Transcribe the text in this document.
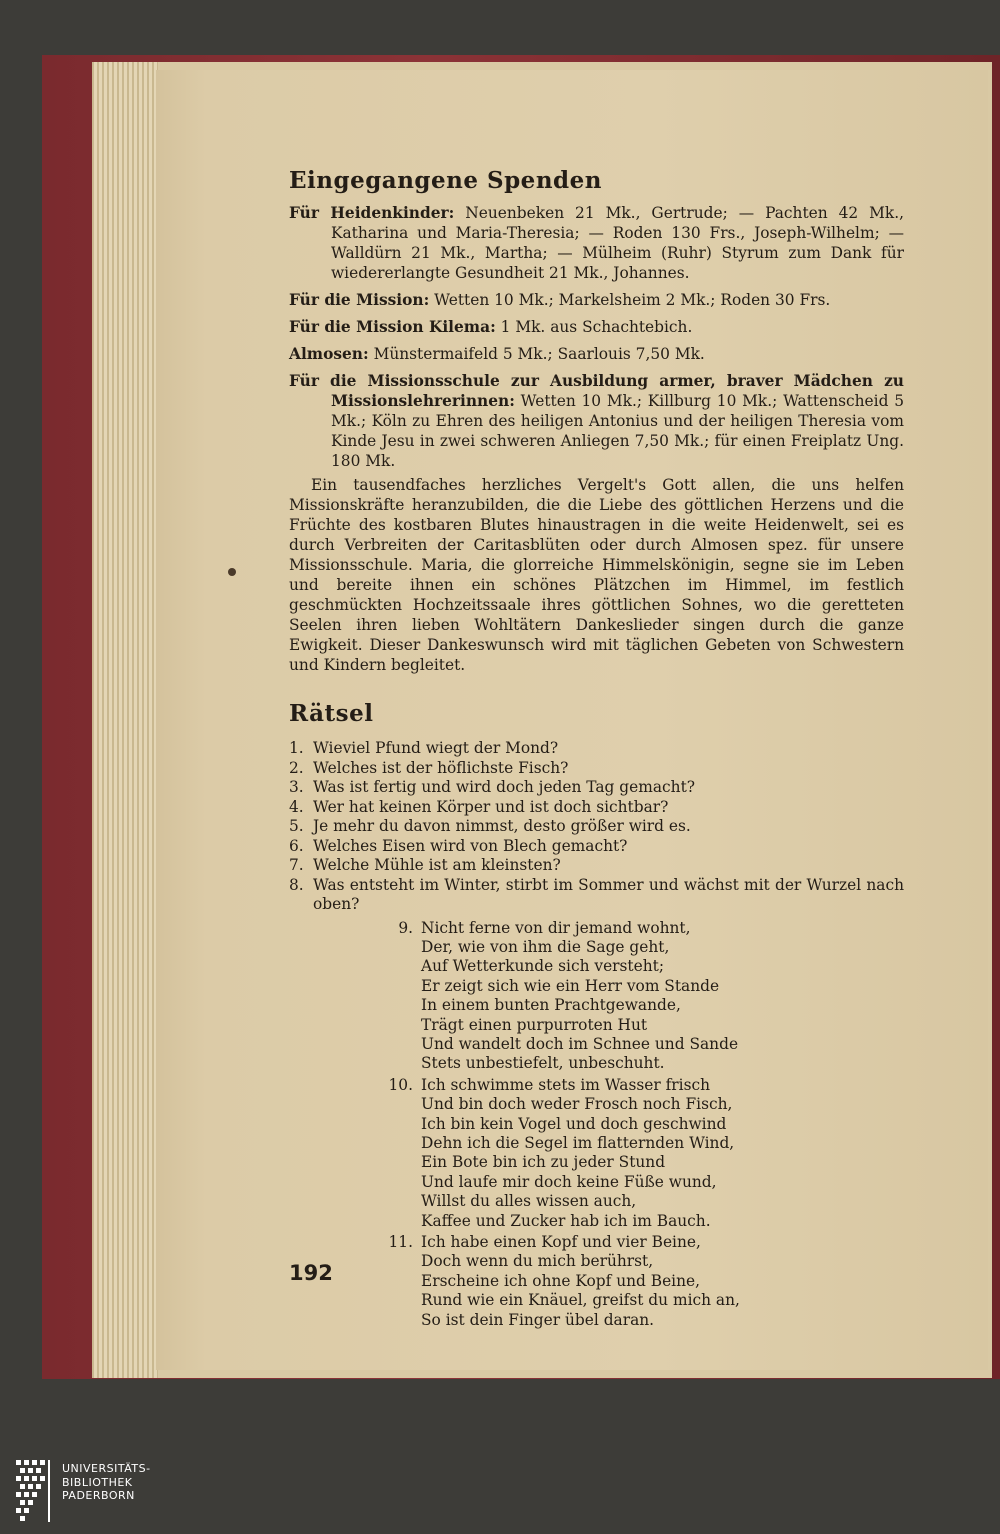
Eingegangene Spenden

Für Heidenkinder: Neuenbeken 21 Mk., Gertrude; — Pachten 42 Mk., Katharina und Maria-Theresia; — Roden 130 Frs., Joseph-Wilhelm; — Walldürn 21 Mk., Martha; — Mülheim (Ruhr) Styrum zum Dank für wiedererlangte Gesundheit 21 Mk., Johannes.

Für die Mission: Wetten 10 Mk.; Markelsheim 2 Mk.; Roden 30 Frs.

Für die Mission Kilema: 1 Mk. aus Schachtebich.

Almosen: Münstermaifeld 5 Mk.; Saarlouis 7,50 Mk.

Für die Missionsschule zur Ausbildung armer, braver Mädchen zu Missionslehrerinnen: Wetten 10 Mk.; Killburg 10 Mk.; Wattenscheid 5 Mk.; Köln zu Ehren des heiligen Antonius und der heiligen Theresia vom Kinde Jesu in zwei schweren Anliegen 7,50 Mk.; für einen Freiplatz Ung. 180 Mk.

Ein tausendfaches herzliches Vergelt's Gott allen, die uns helfen Missionskräfte heranzubilden, die die Liebe des göttlichen Herzens und die Früchte des kostbaren Blutes hinaustragen in die weite Heidenwelt, sei es durch Verbreiten der Caritasblüten oder durch Almosen spez. für unsere Missionsschule. Maria, die glorreiche Himmelskönigin, segne sie im Leben und bereite ihnen ein schönes Plätzchen im Himmel, im festlich geschmückten Hochzeitssaale ihres göttlichen Sohnes, wo die geretteten Seelen ihren lieben Wohltätern Dankeslieder singen durch die ganze Ewigkeit. Dieser Dankeswunsch wird mit täglichen Gebeten von Schwestern und Kindern begleitet.

Rätsel
1. Wieviel Pfund wiegt der Mond?
2. Welches ist der höflichste Fisch?
3. Was ist fertig und wird doch jeden Tag gemacht?
4. Wer hat keinen Körper und ist doch sichtbar?
5. Je mehr du davon nimmst, desto größer wird es.
6. Welches Eisen wird von Blech gemacht?
7. Welche Mühle ist am kleinsten?
8. Was entsteht im Winter, stirbt im Sommer und wächst mit der Wurzel nach oben?
9. Nicht ferne von dir jemand wohnt,
Der, wie von ihm die Sage geht,
Auf Wetterkunde sich versteht;
Er zeigt sich wie ein Herr vom Stande
In einem bunten Prachtgewande,
Trägt einen purpurroten Hut
Und wandelt doch im Schnee und Sande
Stets unbestiefelt, unbeschuht.
10. Ich schwimme stets im Wasser frisch
Und bin doch weder Frosch noch Fisch,
Ich bin kein Vogel und doch geschwind
Dehn ich die Segel im flatternden Wind,
Ein Bote bin ich zu jeder Stund
Und laufe mir doch keine Füße wund,
Willst du alles wissen auch,
Kaffee und Zucker hab ich im Bauch.
11. Ich habe einen Kopf und vier Beine,
Doch wenn du mich berührst,
Erscheine ich ohne Kopf und Beine,
Rund wie ein Knäuel, greifst du mich an,
So ist dein Finger übel daran.
192
UNIVERSITÄTS-
BIBLIOTHEK
PADERBORN
